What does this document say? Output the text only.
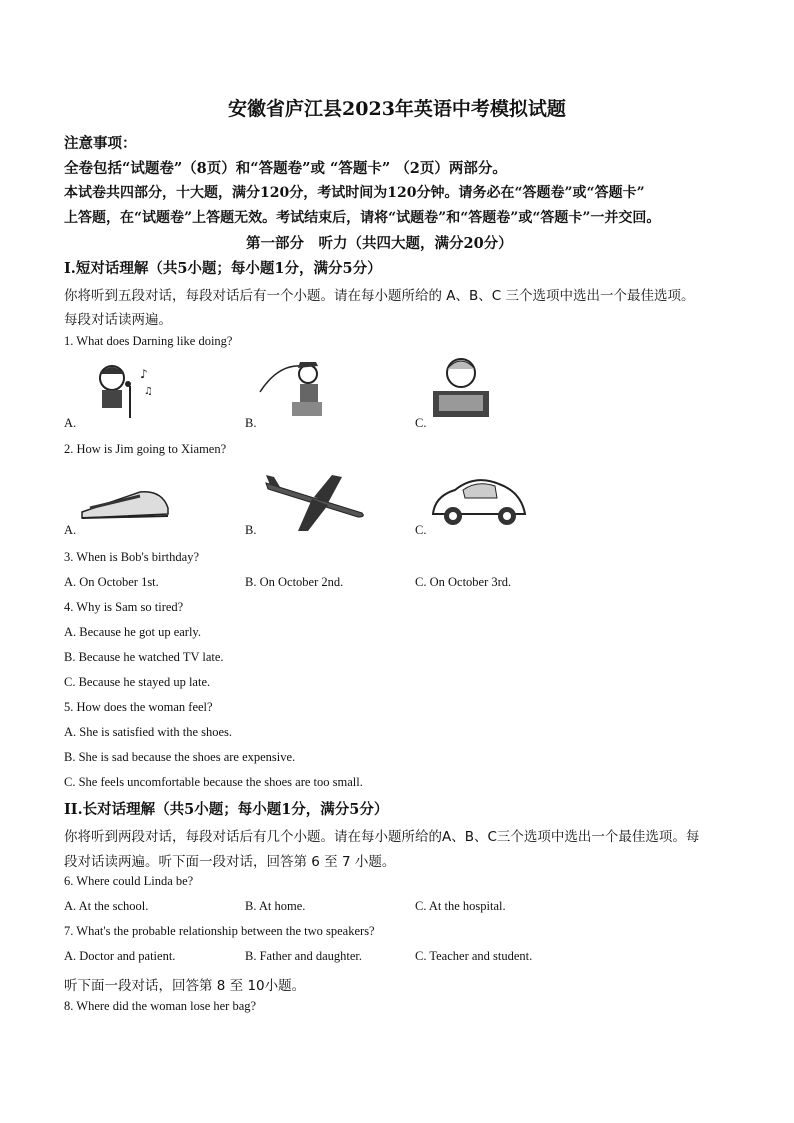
安徽省庐江县2023年英语中考模拟试题
注意事项：
全卷包括“试题卷”（8页）和“答题卷”或 “答题卡” （2页）两部分。
本试卷共四部分，十大题，满分120分，考试时间为120分钟。请务必在“答题卷”或“答题卡”
上答题，在“试题卷”上答题无效。考试结束后，请将“试题卷”和“答题卷”或“答题卡”一并交回。
第一部分　听力（共四大题，满分20分）
I.短对话理解（共5小题；每小题1分，满分5分）
你将听到五段对话，每段对话后有一个小题。请在每小题所给的 A、B、C 三个选项中选出一个最佳选项。
每段对话读两遍。
1. What does Darning like doing?
♪
♫
A.	B.	C.
2. How is Jim going to Xiamen?
A.	B.	C.
3. When is Bob's birthday?
A. On October 1st.	B. On October 2nd.	C. On October 3rd.
4. Why is Sam so tired?
A. Because he got up early.
B. Because he watched TV late.
C. Because he stayed up late.
5. How does the woman feel?
A. She is satisfied with the shoes.
B. She is sad because the shoes are expensive.
C. She feels uncomfortable because the shoes are too small.
II.长对话理解（共5小题；每小题1分，满分5分）
你将听到两段对话，每段对话后有几个小题。请在每小题所给的A、B、C三个选项中选出一个最佳选项。每
段对话读两遍。听下面一段对话，回答第 6 至 7 小题。
6. Where could Linda be?
A. At the school.	B. At home.	C. At the hospital.
7. What's the probable relationship between the two speakers?
A. Doctor and patient.	B. Father and daughter.	C. Teacher and student.
听下面一段对话，回答第 8 至 10小题。
8. Where did the woman lose her bag?
